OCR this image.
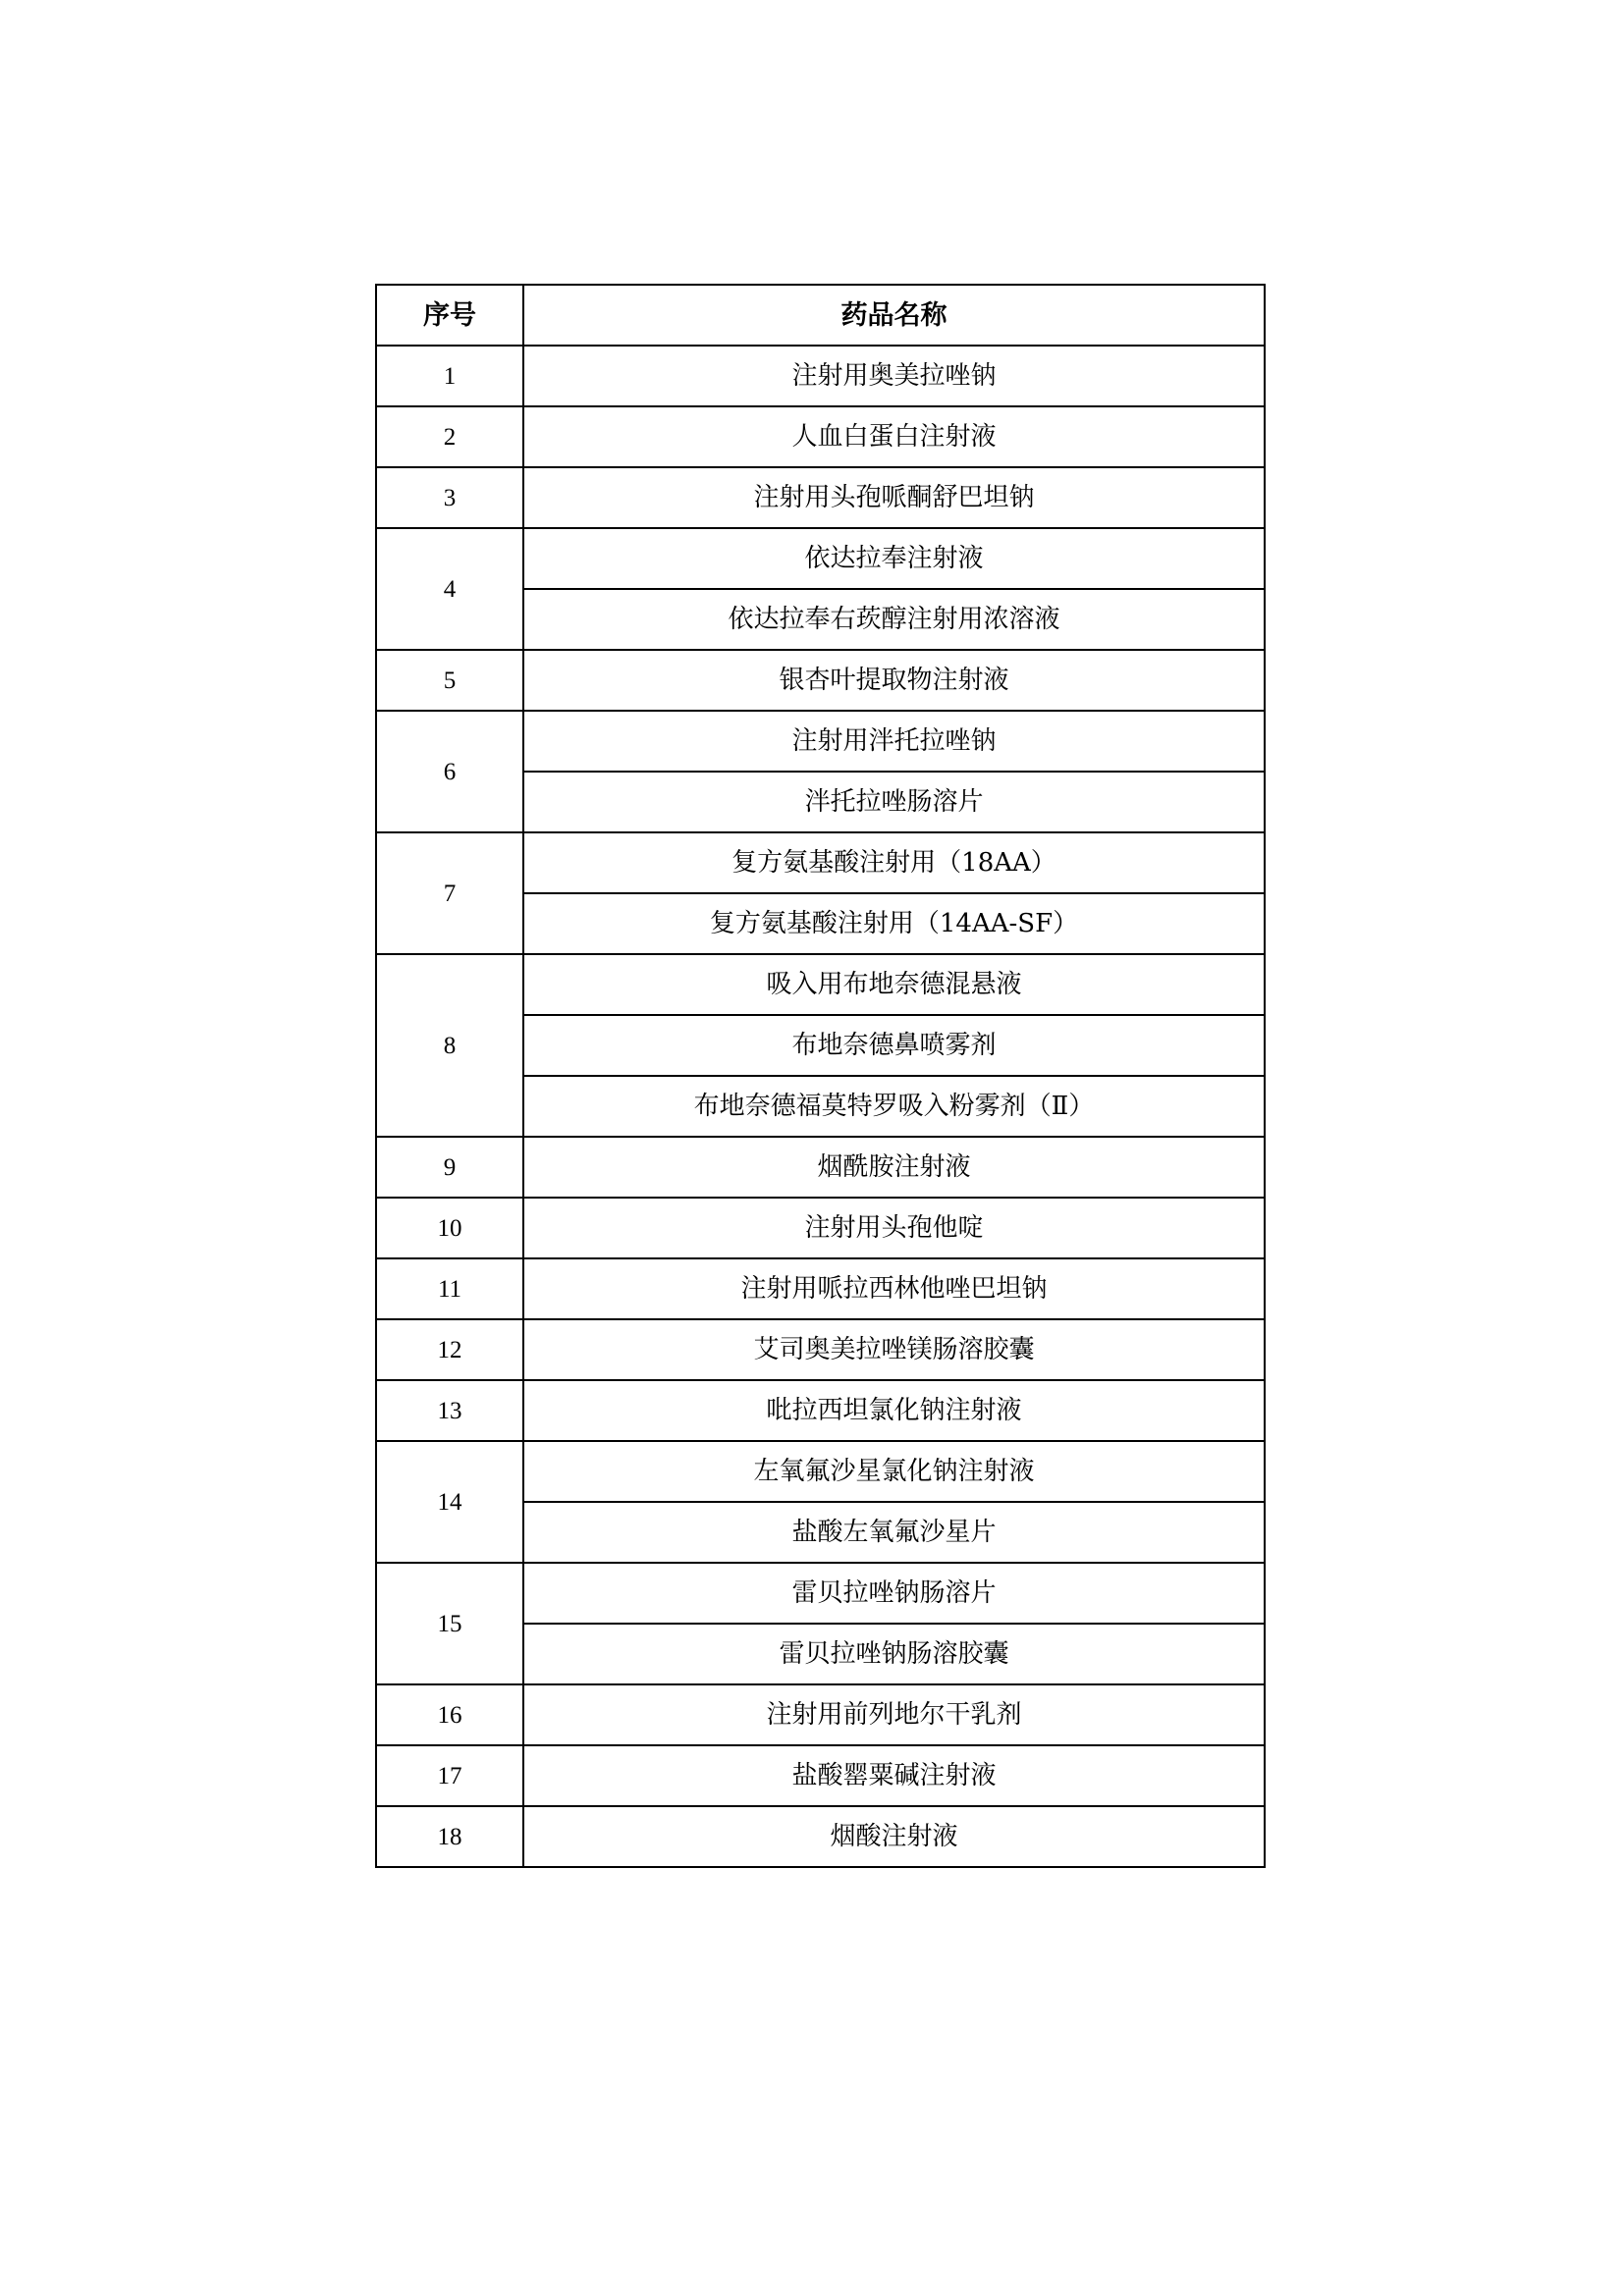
序号	药品名称
1	注射用奥美拉唑钠
2	人血白蛋白注射液
3	注射用头孢哌酮舒巴坦钠
4	依达拉奉注射液
	依达拉奉右莰醇注射用浓溶液
5	银杏叶提取物注射液
6	注射用泮托拉唑钠
	泮托拉唑肠溶片
7	复方氨基酸注射用（18AA）
	复方氨基酸注射用（14AA-SF）
8	吸入用布地奈德混悬液
	布地奈德鼻喷雾剂
	布地奈德福莫特罗吸入粉雾剂（Ⅱ）
9	烟酰胺注射液
10	注射用头孢他啶
11	注射用哌拉西林他唑巴坦钠
12	艾司奥美拉唑镁肠溶胶囊
13	吡拉西坦氯化钠注射液
14	左氧氟沙星氯化钠注射液
	盐酸左氧氟沙星片
15	雷贝拉唑钠肠溶片
	雷贝拉唑钠肠溶胶囊
16	注射用前列地尔干乳剂
17	盐酸罂粟碱注射液
18	烟酸注射液
